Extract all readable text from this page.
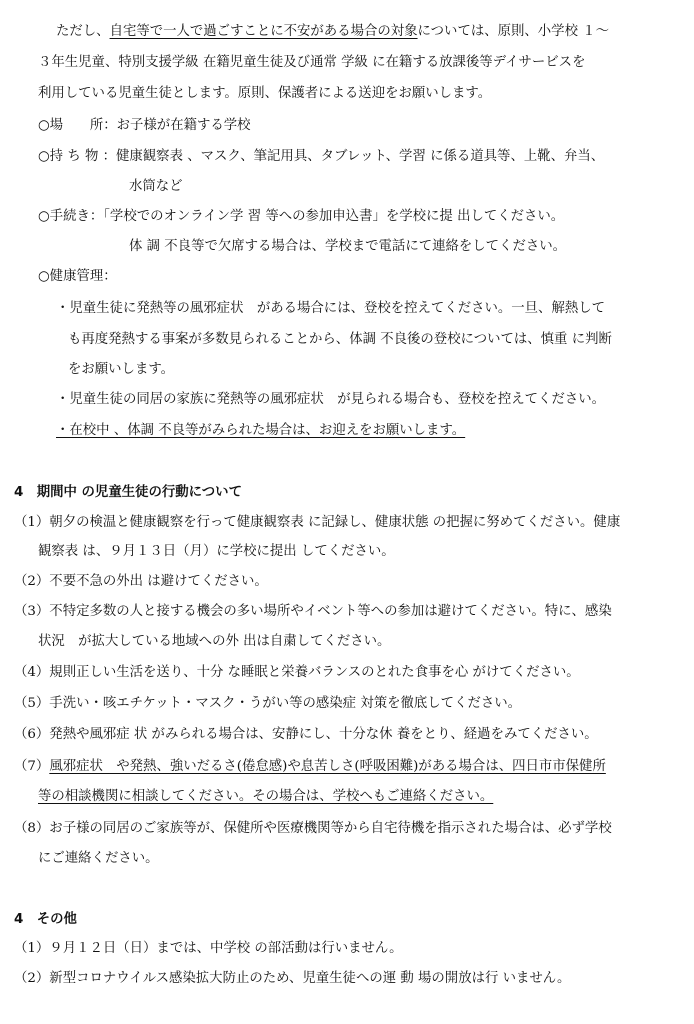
ただし、自宅等で一人で過ごすことに不安がある場合の対象については、原則、小学校 １～
３年生児童、特別支援学級 在籍児童生徒及び通常 学級 に在籍する放課後等デイサービスを
利用している児童生徒とします。原則、保護者による送迎をお願いします。
○場　　所：お子様が在籍する学校
○持 ち 物 ：健康観察表 、マスク、筆記用具、タブレット、学習 に係る道具等、上靴、弁当、
水筒など
○手続き：「学校でのオンライン学 習 等への参加申込書」を学校に提 出してください。
体 調 不良等で欠席する場合は、学校まで電話にて連絡をしてください。
○健康管理：
・児童生徒に発熱等の風邪症状　がある場合には、登校を控えてください。一旦、解熱して
も再度発熱する事案が多数見られることから、体調 不良後の登校については、慎重 に判断
をお願いします。
・児童生徒の同居の家族に発熱等の風邪症状　が見られる場合も、登校を控えてください。
・在校中 、体調 不良等がみられた場合は、お迎えをお願いします。
4　期間中 の児童生徒の行動について
（1）朝夕の検温と健康観察を行って健康観察表 に記録し、健康状態 の把握に努めてください。健康
観察表 は、９月１３日（月）に学校に提出 してください。
（2）不要不急の外出 は避けてください。
（3）不特定多数の人と接する機会の多い場所やイベント等への参加は避けてください。特に、感染
状況　が拡大している地域への外 出は自粛してください。
（4）規則正しい生活を送り、十分 な睡眠と栄養バランスのとれた食事を心 がけてください。
（5）手洗い・咳エチケット・マスク・うがい等の感染症 対策を徹底してください。
（6）発熱や風邪症 状 がみられる場合は、安静にし、十分な休 養をとり、経過をみてください。
（7）風邪症状　や発熱、強いだるさ(倦怠感)や息苦しさ(呼吸困難)がある場合は、四日市市保健所
等の相談機関に相談してください。その場合は、学校へもご連絡ください。
（8）お子様の同居のご家族等が、保健所や医療機関等から自宅待機を指示された場合は、必ず学校
にご連絡ください。
4　その他
（1）９月１２日（日）までは、中学校 の部活動は行いません。
（2）新型コロナウイルス感染拡大防止のため、児童生徒への運 動 場の開放は行 いません。
